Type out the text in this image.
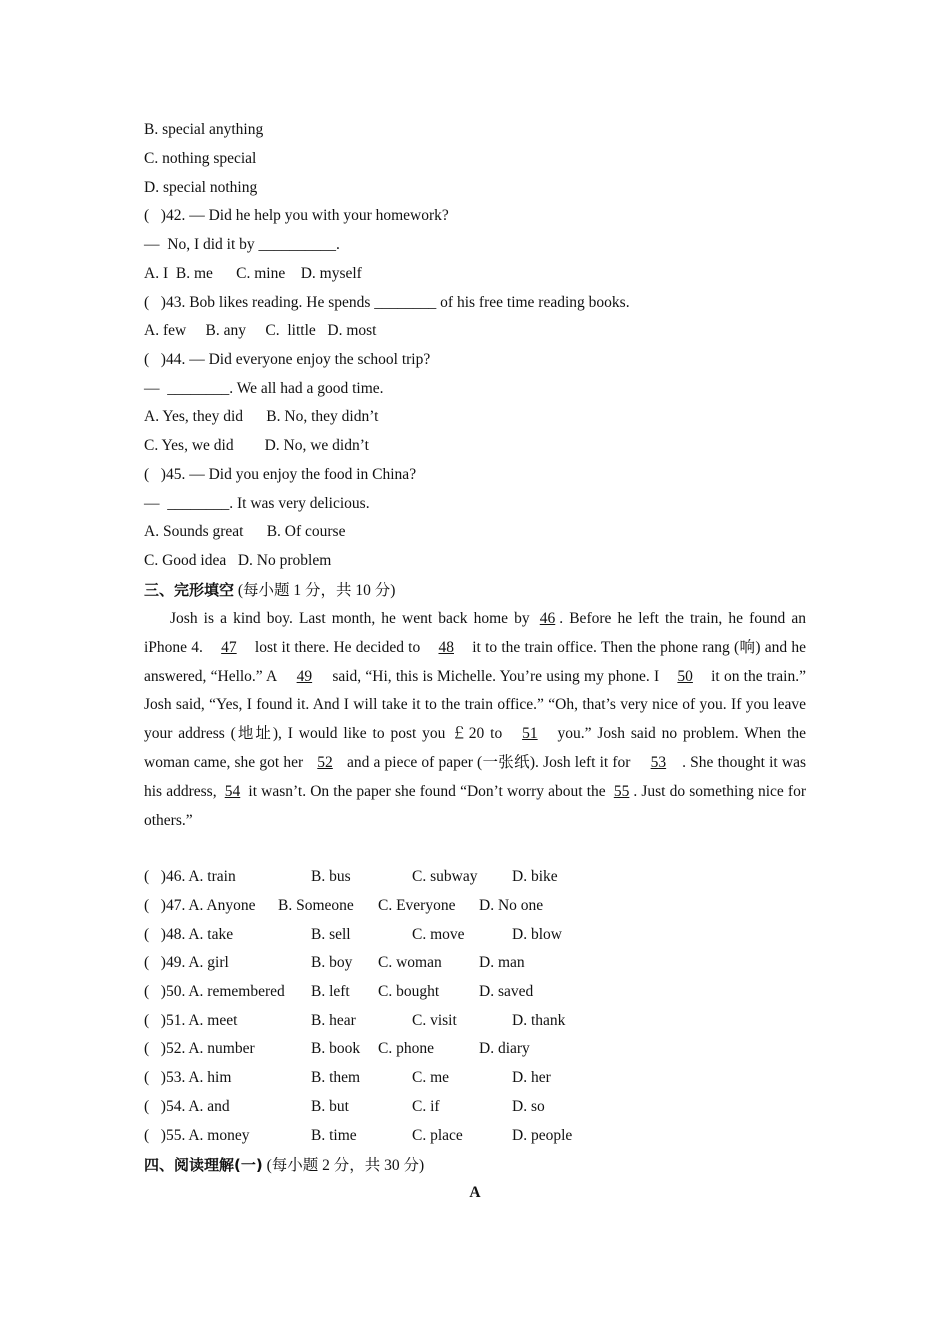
B. special anything
C. nothing special
D. special nothing
(   )42. — Did he help you with your homework?
—  No, I did it by __________.
A. I  B. me      C. mine    D. myself
(   )43. Bob likes reading. He spends ________ of his free time reading books.
A. few     B. any     C.  little   D. most
(   )44. — Did everyone enjoy the school trip?
—  ________. We all had a good time.
A. Yes, they did      B. No, they didn’t
C. Yes, we did        D. No, we didn’t
(   )45. — Did you enjoy the food in China?
—  ________. It was very delicious.
A. Sounds great      B. Of course
C. Good idea   D. No problem
三、完形填空 (每小题 1 分，共 10 分)

Josh is a kind boy. Last month, he went back home by 46 . Before he left the train, he found an iPhone 4. 47 lost it there. He decided to 48 it to the train office. Then the phone rang (响) and he answered, “Hello.” A 49 said, “Hi, this is Michelle. You’re using my phone. I 50 it on the train.” Josh said, “Yes, I found it. And I will take it to the train office.” “Oh, that’s very nice of you. If you leave your address (地址), I would like to post you ￡20 to 51 you.” Josh said no problem. When the woman came, she got her 52 and a piece of paper (一张纸). Josh left it for 53 . She thought it was his address, 54 it wasn’t. On the paper she found “Don’t worry about the 55 . Just do something nice for others.”

(   )46. A. train	B. bus	C. subway D. bike
(   )47. A. Anyone B. Someone C. Everyone D. No one
(   )48. A. take	B. sell	C. move	D. blow
(   )49. A. girl	B. boy C. woman D. man
(   )50. A. remembered B. left C. bought	D. saved
(   )51. A. meet	B. hear	C. visit	D. thank
(   )52. A. number	B. book C. phone	D. diary
(   )53. A. him	B. them	C. me	D. her
(   )54. A. and	B. but	C. if	D. so
(   )55. A. money	B. time	C. place	D. people
四、阅读理解(一) (每小题 2 分，共 30 分)
A
